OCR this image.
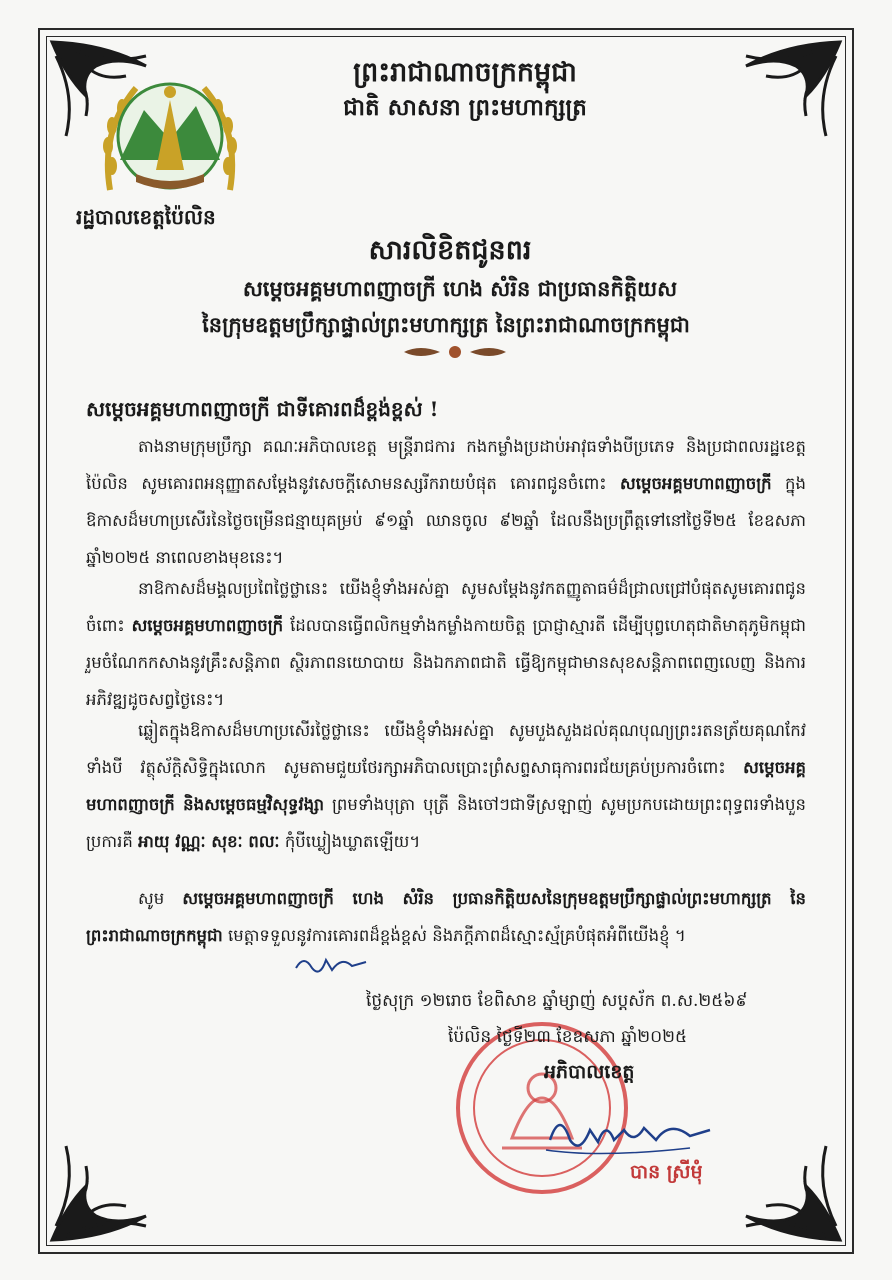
ព្រះរាជាណាចក្រកម្ពុជា
ជាតិ សាសនា ព្រះមហាក្សត្រ
រដ្ឋបាលខេត្តប៉ៃលិន
សារលិខិតជូនពរ
សម្តេចអគ្គមហាពញាចក្រី ហេង សំរិន ជាប្រធានកិត្តិយស
នៃក្រុមឧត្តមប្រឹក្សាផ្ទាល់ព្រះមហាក្សត្រ នៃព្រះរាជាណាចក្រកម្ពុជា
សម្តេចអគ្គមហាពញាចក្រី ជាទីគោរពដ៏ខ្ពង់ខ្ពស់ !
តាងនាមក្រុមប្រឹក្សា គណៈអភិបាលខេត្ត មន្ត្រីរាជការ កងកម្លាំងប្រដាប់អាវុធទាំងបីប្រភេទ និងប្រជាពលរដ្ឋខេត្តប៉ៃលិន សូមគោរពអនុញ្ញាតសម្តែងនូវសេចក្តីសោមនស្សរីករាយបំផុត គោរពជូនចំពោះ សម្តេចអគ្គមហាពញាចក្រី ក្នុងឱកាសដ៏មហាប្រសើរនៃថ្ងៃចម្រើនជន្មាយុគម្រប់ ៩១ឆ្នាំ ឈានចូល ៩២ឆ្នាំ ដែលនឹងប្រព្រឹត្តទៅនៅថ្ងៃទី២៥ ខែឧសភា ឆ្នាំ២០២៥ នាពេលខាងមុខនេះ។
នាឱកាសដ៏មង្គលប្រពៃថ្លៃថ្លានេះ យើងខ្ញុំទាំងអស់គ្នា សូមសម្តែងនូវកតញ្ញូតាធម៌ដ៏ជ្រាលជ្រៅបំផុតសូមគោរពជូនចំពោះ សម្តេចអគ្គមហាពញាចក្រី ដែលបានធ្វើពលិកម្មទាំងកម្លាំងកាយចិត្ត ប្រាជ្ញាស្មារតី ដើម្បីបុព្វហេតុជាតិមាតុភូមិកម្ពុជា រួមចំណែកកសាងនូវគ្រឹះសន្តិភាព ស្ថិរភាពនយោបាយ និងឯកភាពជាតិ ធ្វើឱ្យកម្ពុជាមានសុខសន្តិភាពពេញលេញ និងការអភិវឌ្ឍដូចសព្វថ្ងៃនេះ។
ឆ្លៀតក្នុងឱកាសដ៏មហាប្រសើរថ្លៃថ្លានេះ យើងខ្ញុំទាំងអស់គ្នា សូមបួងសួងដល់គុណបុណ្យព្រះរតនត្រ័យគុណកែវទាំងបី វត្ថុស័ក្តិសិទ្ធិក្នុងលោក សូមតាមជួយថែរក្សាអភិបាលប្រោះព្រំសព្ទសាធុការពរជ័យគ្រប់ប្រការចំពោះ សម្តេចអគ្គមហាពញាចក្រី និងសម្តេចធម្មវិសុទ្ធវង្សា ព្រមទាំងបុត្រា បុត្រី និងចៅៗជាទីស្រឡាញ់ សូមប្រកបដោយព្រះពុទ្ធពរទាំងបួនប្រការគឺ អាយុ វណ្ណៈ សុខៈ ពលៈ កុំបីឃ្លៀងឃ្លាតឡើយ។
សូម សម្តេចអគ្គមហាពញាចក្រី ហេង សំរិន ប្រធានកិត្តិយសនៃក្រុមឧត្តមប្រឹក្សាផ្ទាល់ព្រះមហាក្សត្រ នៃព្រះរាជាណាចក្រកម្ពុជា មេត្តាទទួលនូវការគោរពដ៏ខ្ពង់ខ្ពស់ និងភក្តីភាពដ៏ស្មោះស្ម័គ្របំផុតអំពីយើងខ្ញុំ ។
ថ្ងៃសុក្រ ១២រោច ខែពិសាខ ឆ្នាំម្សាញ់ សប្តស័ក ព.ស.២៥៦៩
ប៉ៃលិន ថ្ងៃទី២៣ ខែឧសភា ឆ្នាំ២០២៥
អភិបាលខេត្ត
បាន ស្រីមុំ
